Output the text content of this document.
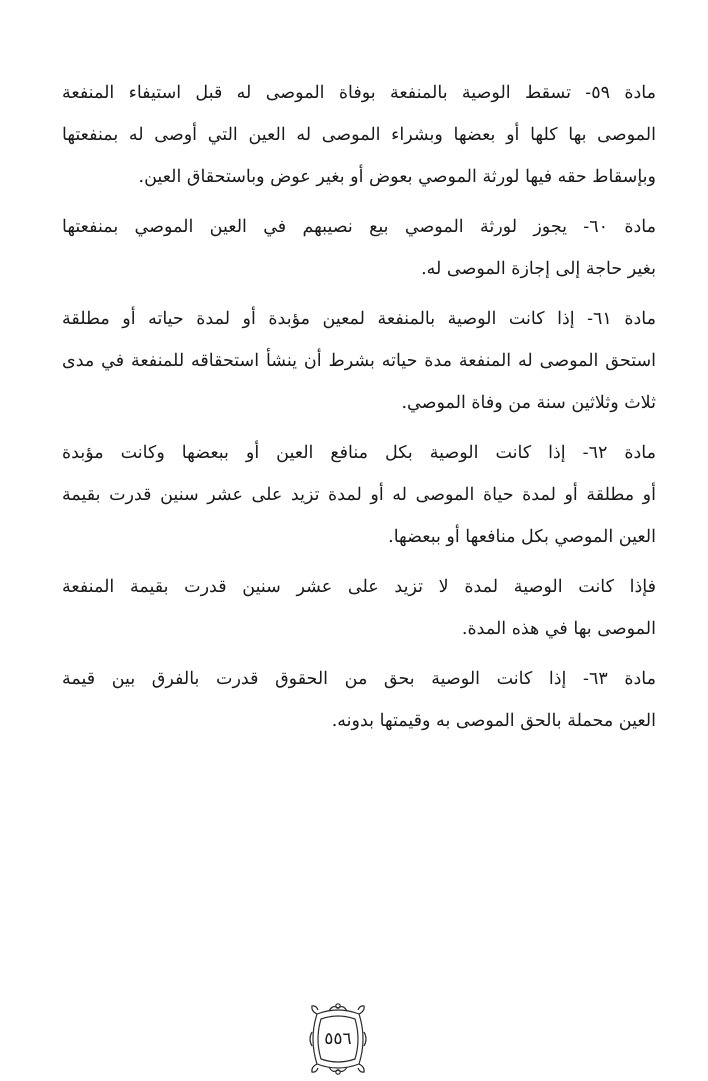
مادة ٥٩- تسقط الوصية بالمنفعة بوفاة الموصى له قبل استيفاء المنفعة
الموصى بها كلها أو بعضها وبشراء الموصى له العين التي أوصى له بمنفعتها
وبإسقاط حقه فيها لورثة الموصي بعوض أو بغير عوض وباستحقاق العين.
مادة ٦٠- يجوز لورثة الموصي بيع نصيبهم في العين الموصي بمنفعتها
بغير حاجة إلى إجازة الموصى له.
مادة ٦١- إذا كانت الوصية بالمنفعة لمعين مؤبدة أو لمدة حياته أو مطلقة
استحق الموصى له المنفعة مدة حياته بشرط أن ينشأ استحقاقه للمنفعة في مدى
ثلاث وثلاثين سنة من وفاة الموصي.
مادة ٦٢- إذا كانت الوصية بكل منافع العين أو ببعضها وكانت مؤبدة
أو مطلقة أو لمدة حياة الموصى له أو لمدة تزيد على عشر سنين قدرت بقيمة
العين الموصي بكل منافعها أو ببعضها.
فإذا كانت الوصية لمدة لا تزيد على عشر سنين قدرت بقيمة المنفعة
الموصى بها في هذه المدة.
مادة ٦٣- إذا كانت الوصية بحق من الحقوق قدرت بالفرق بين قيمة
العين محملة بالحق الموصى به وقيمتها بدونه.
٥٥٦
